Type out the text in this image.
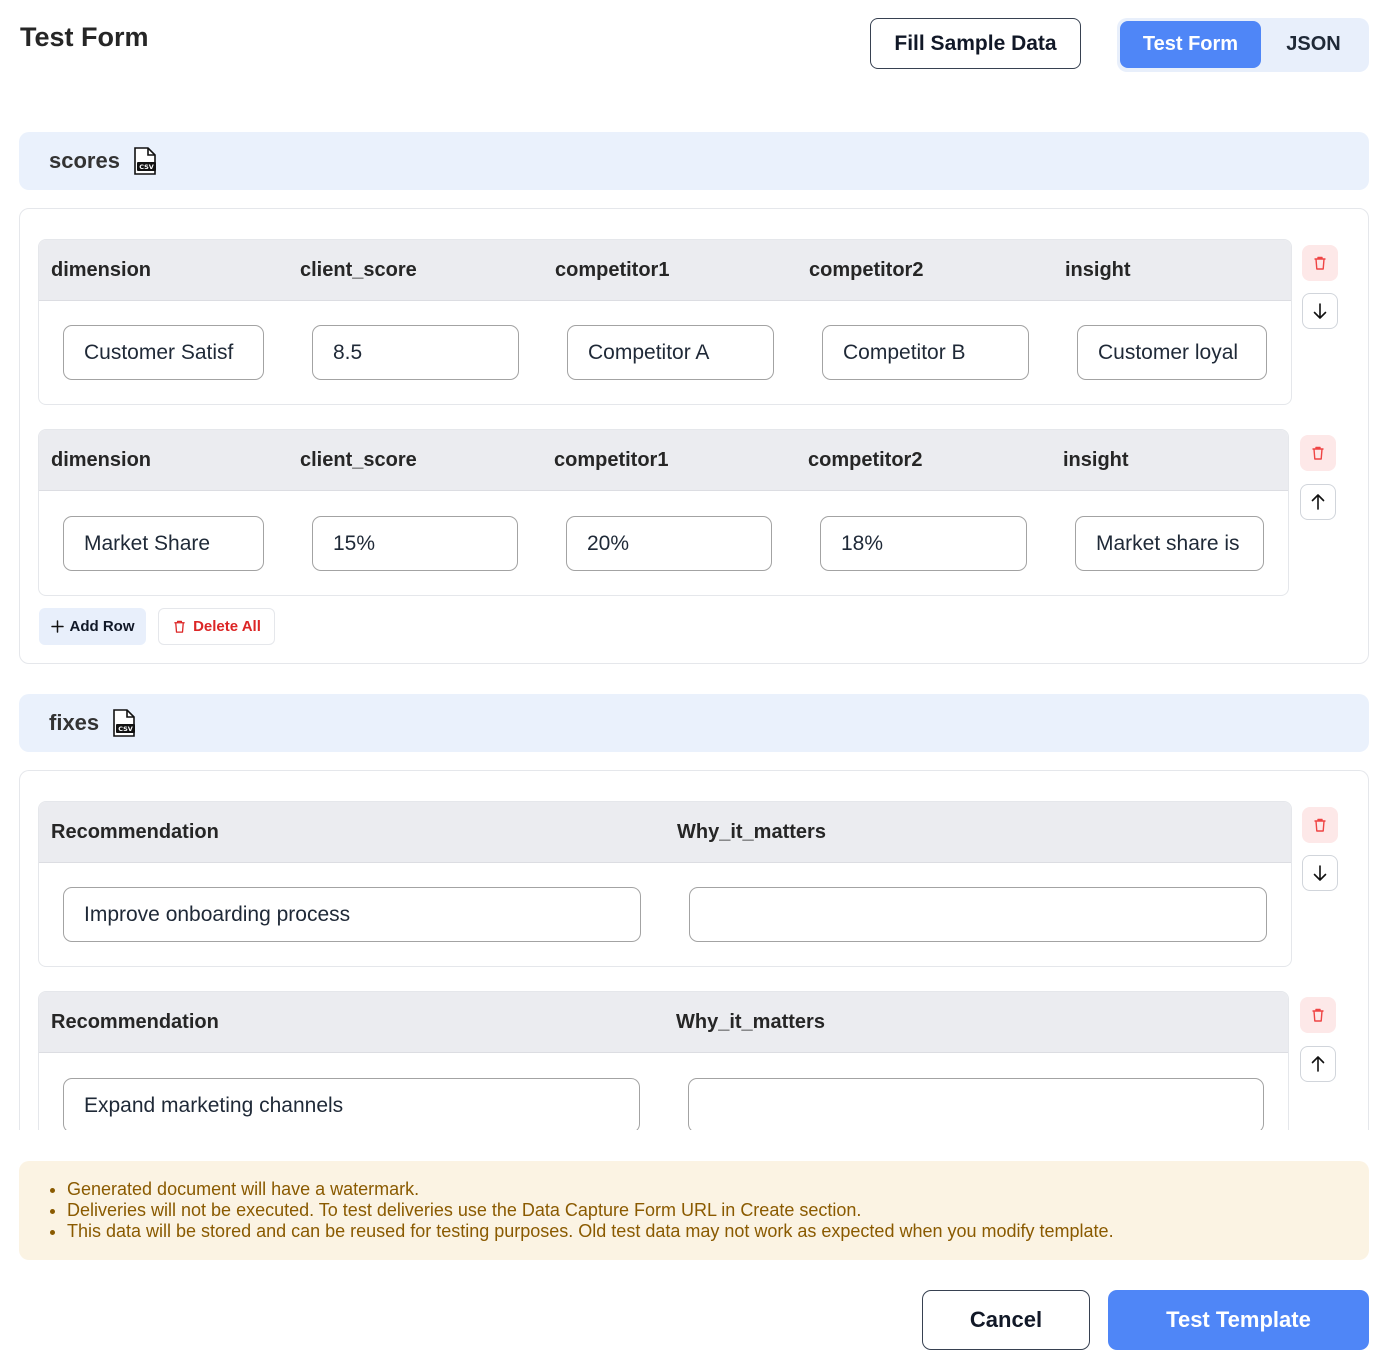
Test Form	Fill Sample Data	Test Form	JSON
scores	CSV
dimension	client_score	competitor1	competitor2	insight
Customer Satisf	8.5	Competitor A	Competitor B	Customer loyal
dimension	client_score	competitor1	competitor2	insight
Market Share	15%	20%	18%	Market share is
Add Row	Delete All
fixes	CSV
Recommendation	Why_it_matters
Improve onboarding process
Recommendation	Why_it_matters
Expand marketing channels
• Generated document will have a watermark.
• Deliveries will not be executed. To test deliveries use the Data Capture Form URL in Create section.
• This data will be stored and can be reused for testing purposes. Old test data may not work as expected when you modify template.
Cancel	Test Template
